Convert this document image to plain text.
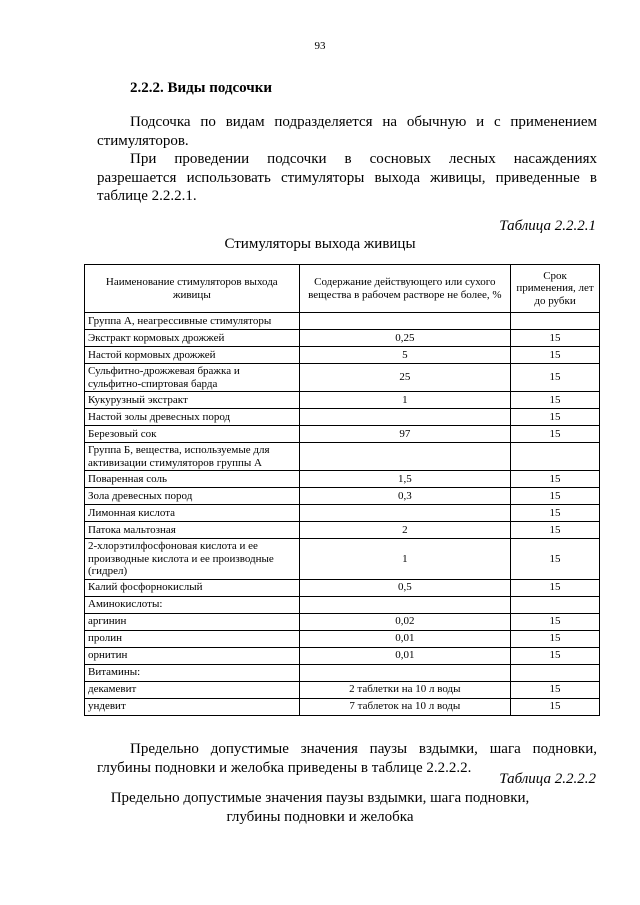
93
2.2.2. Виды подсочки
Подсочка по видам подразделяется на обычную и с применением
стимуляторов.
При проведении подсочки в сосновых лесных насаждениях
разрешается использовать стимуляторы выхода живицы, приведенные в
таблице 2.2.2.1.
Таблица 2.2.2.1
Стимуляторы выхода живицы
Наименование стимуляторов выхода живицы	Содержание действующего или сухого вещества в рабочем растворе не более, %	Срок применения, лет до рубки
Группа А, неагрессивные стимуляторы		
Экстракт кормовых дрожжей	0,25	15
Настой кормовых дрожжей	5	15
Сульфитно-дрожжевая бражка и сульфитно-спиртовая барда	25	15
Кукурузный экстракт	1	15
Настой золы древесных пород		15
Березовый сок	97	15
Группа Б, вещества, используемые для активизации стимуляторов группы А		
Поваренная соль	1,5	15
Зола древесных пород	0,3	15
Лимонная кислота		15
Патока мальтозная	2	15
2-хлорэтилфосфоновая кислота и ее производные кислота и ее производные (гидрел)	1	15
Калий фосфорнокислый	0,5	15
Аминокислоты:		
аргинин	0,02	15
пролин	0,01	15
орнитин	0,01	15
Витамины:		
декамевит	2 таблетки на 10 л воды	15
ундевит	7 таблеток на 10 л воды	15
Предельно допустимые значения паузы вздымки, шага подновки,
глубины подновки и желобка приведены в таблице 2.2.2.2.
Таблица 2.2.2.2
Предельно допустимые значения паузы вздымки, шага подновки,
глубины подновки и желобка
